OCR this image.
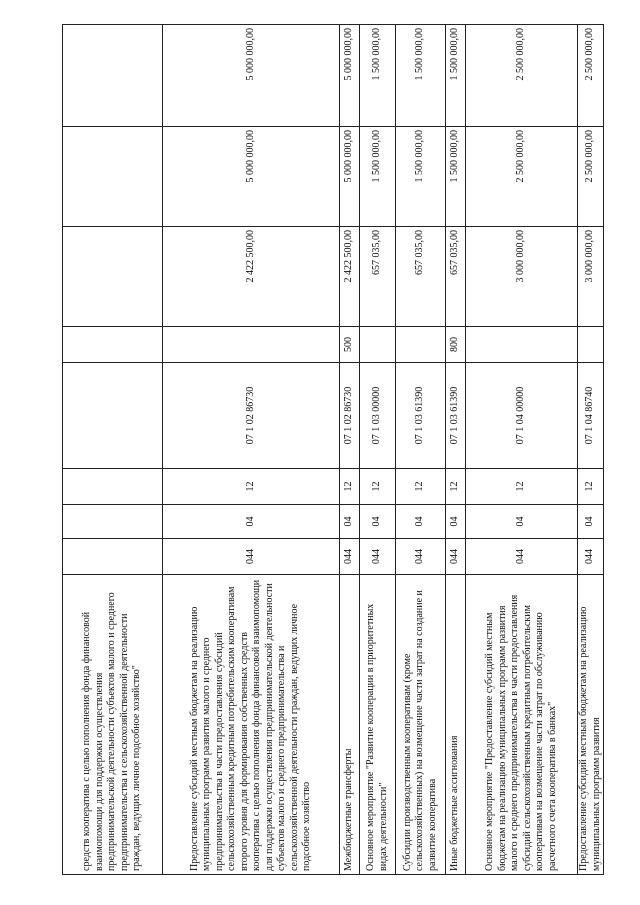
средств кооператива с целью пополнения фонда финансовой взаимопомощи для поддержки осуществления предпринимательской деятельности субъектов малого и среднего предпринимательства и сельскохозяйственной деятельности граждан, ведущих личное подсобное хозяйство"								
Предоставление субсидий местным бюджетам на реализацию муниципальных программ развития малого и среднего предпринимательства в части предоставления субсидий сельскохозяйственным кредитным потребительским кооперативам второго уровня для формирования собственных средств кооператива с целью пополнения фонда финансовой взаимопомощи для поддержки осуществления предпринимательской деятельности субъектов малого и среднего предпринимательства и сельскохозяйственной деятельности граждан, ведущих личное подсобное хозяйство	044	04	12	07 1 02 86730		2 422 500,00	5 000 000,00	5 000 000,00
Межбюджетные трансферты	044	04	12	07 1 02 86730	500	2 422 500,00	5 000 000,00	5 000 000,00
Основное мероприятие "Развитие кооперации в приоритетных видах деятельности"	044	04	12	07 1 03 00000		657 035,00	1 500 000,00	1 500 000,00
Субсидии производственным кооперативам (кроме сельскохозяйственных) на возмещение части затрат на создание и развитие кооператива	044	04	12	07 1 03 61390		657 035,00	1 500 000,00	1 500 000,00
Иные бюджетные ассигнования	044	04	12	07 1 03 61390	800	657 035,00	1 500 000,00	1 500 000,00
Основное мероприятие "Предоставление субсидий местным бюджетам на реализацию муниципальных программ развития малого и среднего предпринимательства в части предоставления субсидий сельскохозяйственным кредитным потребительским кооперативам на возмещение части затрат по обслуживанию расчетного счета кооператива в банках"	044	04	12	07 1 04 00000		3 000 000,00	2 500 000,00	2 500 000,00
Предоставление субсидий местным бюджетам на реализацию муниципальных программ развития	044	04	12	07 1 04 86740		3 000 000,00	2 500 000,00	2 500 000,00
